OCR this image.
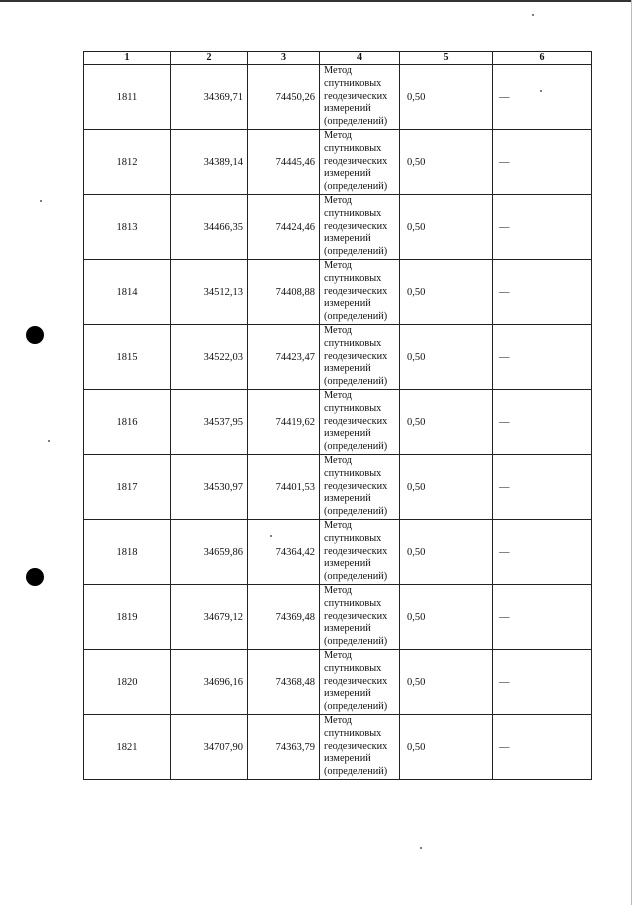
1	2	3	4	5	6
1811	34369,71	74450,26	Метод спутниковых геодезических измерений (определений)	0,50	—
1812	34389,14	74445,46	Метод спутниковых геодезических измерений (определений)	0,50	—
1813	34466,35	74424,46	Метод спутниковых геодезических измерений (определений)	0,50	—
1814	34512,13	74408,88	Метод спутниковых геодезических измерений (определений)	0,50	—
1815	34522,03	74423,47	Метод спутниковых геодезических измерений (определений)	0,50	—
1816	34537,95	74419,62	Метод спутниковых геодезических измерений (определений)	0,50	—
1817	34530,97	74401,53	Метод спутниковых геодезических измерений (определений)	0,50	—
1818	34659,86	74364,42	Метод спутниковых геодезических измерений (определений)	0,50	—
1819	34679,12	74369,48	Метод спутниковых геодезических измерений (определений)	0,50	—
1820	34696,16	74368,48	Метод спутниковых геодезических измерений (определений)	0,50	—
1821	34707,90	74363,79	Метод спутниковых геодезических измерений (определений)	0,50	—
